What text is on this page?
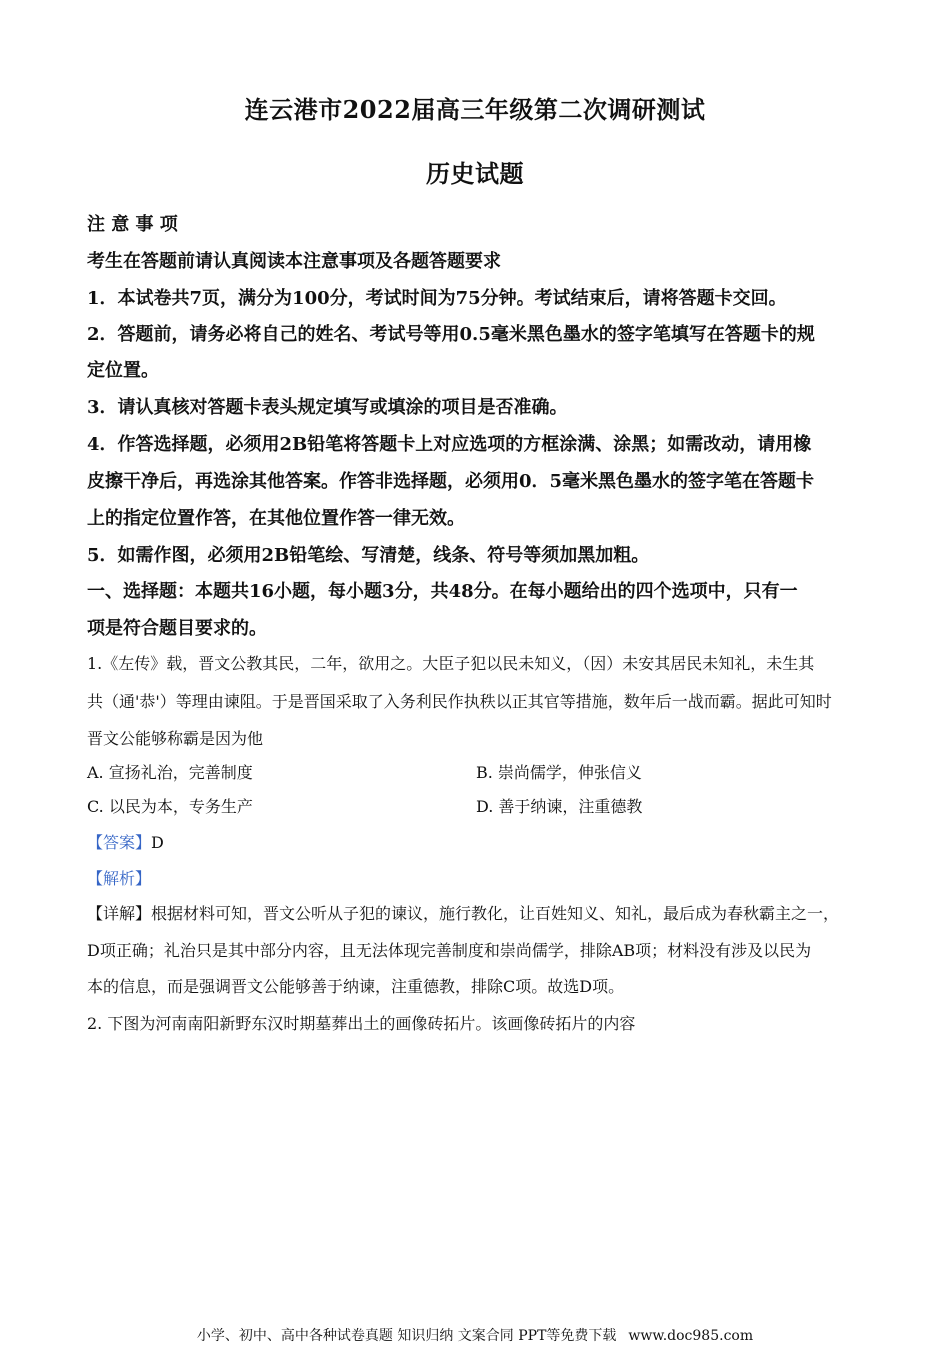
连云港市2022届高三年级第二次调研测试
历史试题
注 意 事 项
考生在答题前请认真阅读本注意事项及各题答题要求
1．本试卷共7页，满分为100分，考试时间为75分钟。考试结束后，请将答题卡交回。
2．答题前，请务必将自己的姓名、考试号等用0.5毫米黑色墨水的签字笔填写在答题卡的规
定位置。
3．请认真核对答题卡表头规定填写或填涂的项目是否准确。
4．作答选择题，必须用2B铅笔将答题卡上对应选项的方框涂满、涂黑；如需改动，请用橡
皮擦干净后，再选涂其他答案。作答非选择题，必须用0．5毫米黑色墨水的签字笔在答题卡
上的指定位置作答，在其他位置作答一律无效。
5．如需作图，必须用2B铅笔绘、写清楚，线条、符号等须加黑加粗。
一、选择题：本题共16小题，每小题3分，共48分。在每小题给出的四个选项中，只有一
项是符合题目要求的。
1.《左传》载，晋文公教其民，二年，欲用之。大臣子犯以民未知义，（因）未安其居民未知礼，未生其
共（通'恭'）等理由谏阻。于是晋国采取了入务利民作执秩以正其官等措施，数年后一战而霸。据此可知时
晋文公能够称霸是因为他
A. 宣扬礼治，完善制度	B. 崇尚儒学，伸张信义
C. 以民为本，专务生产	D. 善于纳谏，注重德教
【答案】D
【解析】
【详解】根据材料可知，晋文公听从子犯的谏议，施行教化，让百姓知义、知礼，最后成为春秋霸主之一，
D项正确；礼治只是其中部分内容，且无法体现完善制度和崇尚儒学，排除AB项；材料没有涉及以民为
本的信息，而是强调晋文公能够善于纳谏，注重德教，排除C项。故选D项。
2. 下图为河南南阳新野东汉时期墓葬出土的画像砖拓片。该画像砖拓片的内容
小学、初中、高中各种试卷真题 知识归纳 文案合同 PPT等免费下载 www.doc985.com
